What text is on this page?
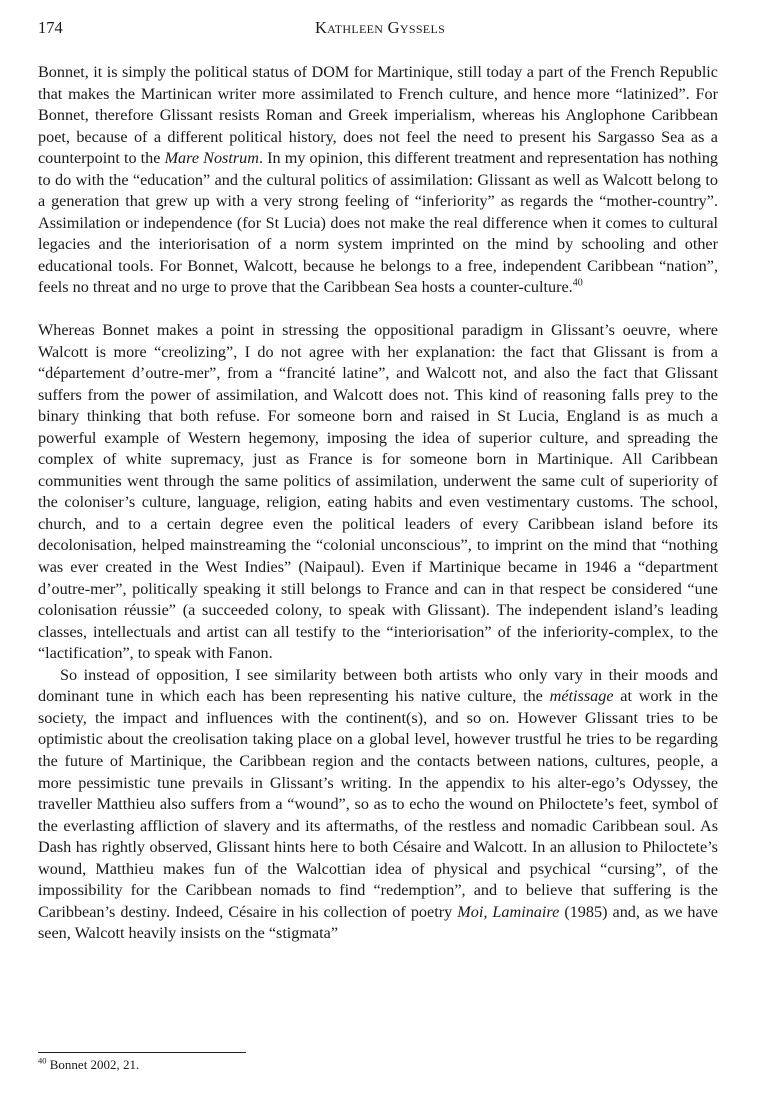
174	Kathleen Gyssels

Bonnet, it is simply the political status of DOM for Martinique, still today a part of the French Republic that makes the Martinican writer more assimilated to French culture, and hence more “latinized”. For Bonnet, therefore Glissant resists Roman and Greek imperialism, whereas his Anglophone Caribbean poet, because of a different political history, does not feel the need to present his Sargasso Sea as a counterpoint to the Mare Nostrum. In my opinion, this different treatment and representation has nothing to do with the “education” and the cultural politics of assimilation: Glissant as well as Walcott belong to a generation that grew up with a very strong feeling of “inferiority” as regards the “mother-country”. Assimilation or independence (for St Lucia) does not make the real difference when it comes to cultural legacies and the interiorisation of a norm system imprinted on the mind by schooling and other educational tools. For Bonnet, Walcott, because he belongs to a free, independent Caribbean “nation”, feels no threat and no urge to prove that the Caribbean Sea hosts a counter-culture.$^{40}$

Whereas Bonnet makes a point in stressing the oppositional paradigm in Glissant’s oeuvre, where Walcott is more “creolizing”, I do not agree with her explanation: the fact that Glissant is from a “département d’outre-mer”, from a “francité latine”, and Walcott not, and also the fact that Glissant suffers from the power of assimilation, and Walcott does not. This kind of reasoning falls prey to the binary thinking that both refuse. For someone born and raised in St Lucia, England is as much a powerful example of Western hegemony, imposing the idea of superior culture, and spreading the complex of white supremacy, just as France is for someone born in Martinique. All Caribbean communities went through the same politics of assimilation, underwent the same cult of superiority of the coloniser’s culture, language, religion, eating habits and even vestimentary customs. The school, church, and to a certain degree even the political leaders of every Caribbean island before its decolonisation, helped mainstreaming the “colonial unconscious”, to imprint on the mind that “nothing was ever created in the West Indies” (Naipaul). Even if Martinique became in 1946 a “department d’outre-mer”, politically speaking it still belongs to France and can in that respect be considered “une colonisation réussie” (a succeeded colony, to speak with Glissant). The independent island’s leading classes, intellectuals and artist can all testify to the “interiorisation” of the inferiority-complex, to the “lactification”, to speak with Fanon.

So instead of opposition, I see similarity between both artists who only vary in their moods and dominant tune in which each has been representing his native culture, the métissage at work in the society, the impact and influences with the continent(s), and so on. However Glissant tries to be optimistic about the creolisation taking place on a global level, however trustful he tries to be regarding the future of Martinique, the Caribbean region and the contacts between nations, cultures, people, a more pessimistic tune prevails in Glissant’s writing. In the appendix to his alter-ego’s Odyssey, the traveller Matthieu also suffers from a “wound”, so as to echo the wound on Philoctete’s feet, symbol of the everlasting affliction of slavery and its aftermaths, of the restless and nomadic Caribbean soul. As Dash has rightly observed, Glissant hints here to both Césaire and Walcott. In an allusion to Philoctete’s wound, Matthieu makes fun of the Walcottian idea of physical and psychical “cursing”, of the impossibility for the Caribbean nomads to find “redemption”, and to believe that suffering is the Caribbean’s destiny. Indeed, Césaire in his collection of poetry Moi, Laminaire (1985) and, as we have seen, Walcott heavily insists on the “stigmata”

$^{40}$ Bonnet 2002, 21.
